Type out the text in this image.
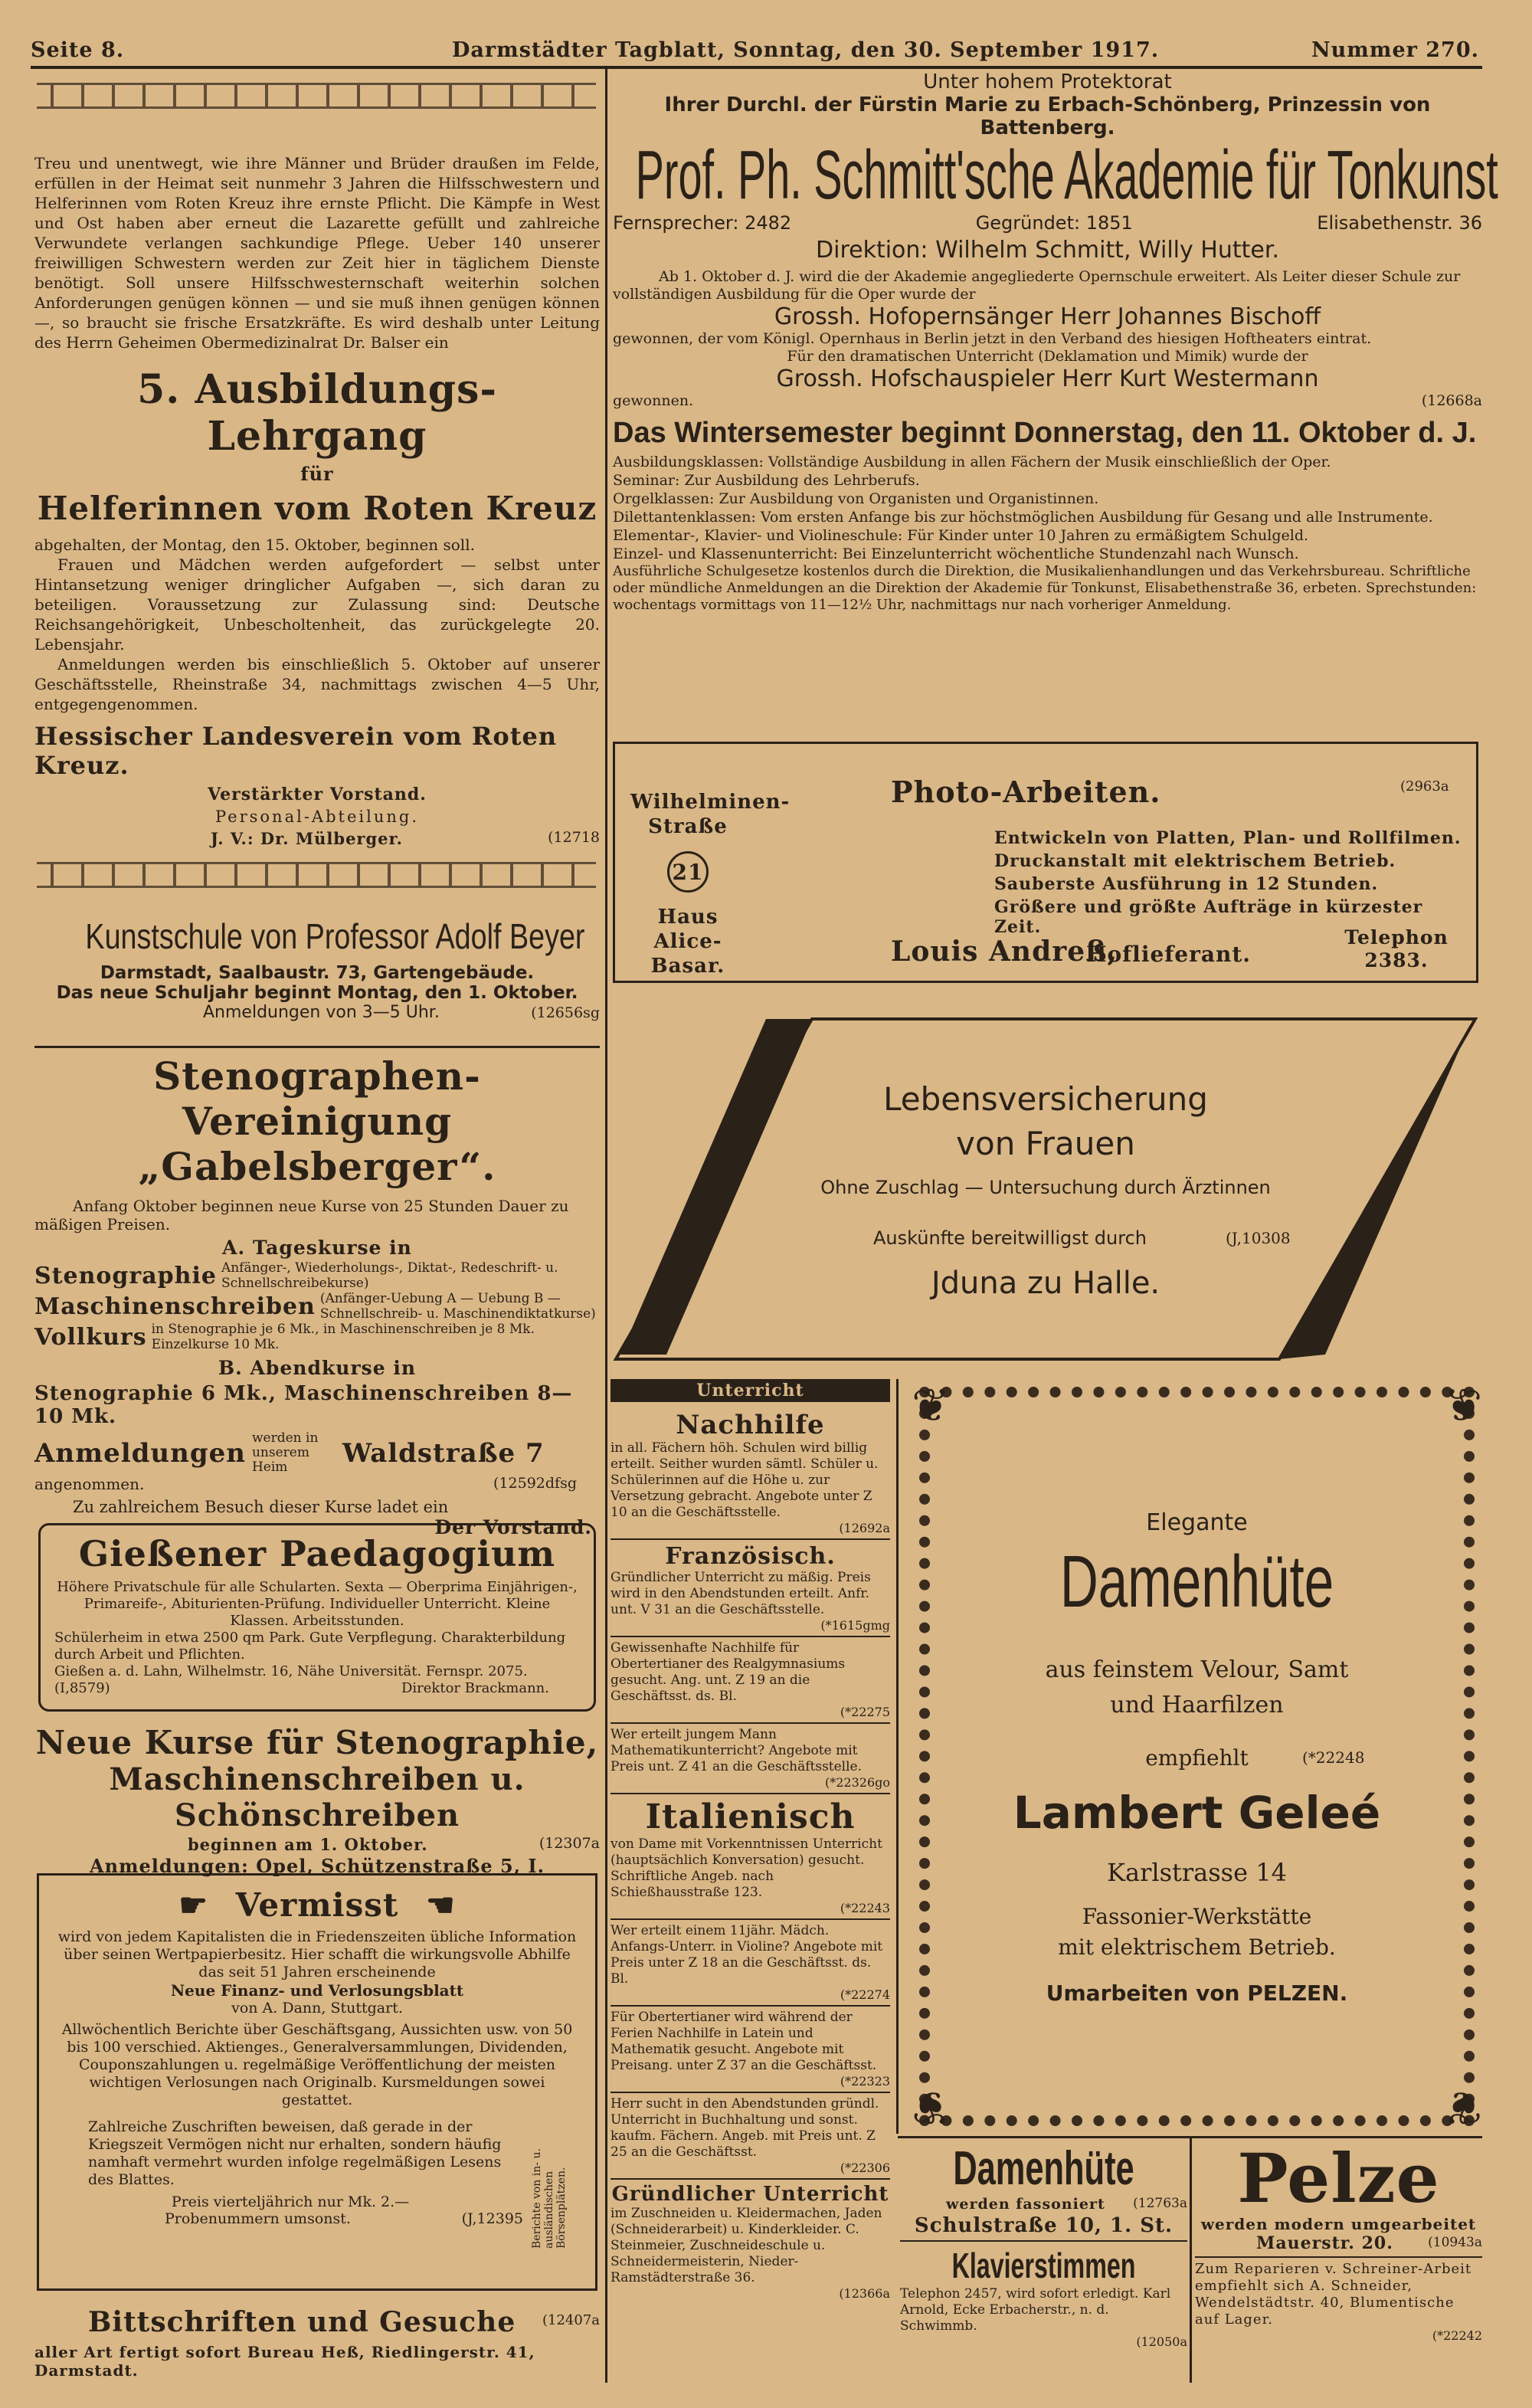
Seite 8.	Darmstädter Tagblatt, Sonntag, den 30. September 1917.	Nummer 270.

Treu und unentwegt, wie ihre Männer und Brüder draußen im Felde, erfüllen in der Heimat seit nunmehr 3 Jahren die Hilfsschwestern und Helferinnen vom Roten Kreuz ihre ernste Pflicht. Die Kämpfe in West und Ost haben aber erneut die Lazarette gefüllt und zahlreiche Verwundete verlangen sachkundige Pflege. Ueber 140 unserer freiwilligen Schwestern werden zur Zeit hier in täglichem Dienste benötigt. Soll unsere Hilfsschwesternschaft weiterhin solchen Anforderungen genügen können — und sie muß ihnen genügen können —, so braucht sie frische Ersatzkräfte. Es wird deshalb unter Leitung des Herrn Geheimen Obermedizinalrat Dr. Balser ein

5. Ausbildungs-Lehrgang
für
Helferinnen vom Roten Kreuz

abgehalten, der Montag, den 15. Oktober, beginnen soll.

Frauen und Mädchen werden aufgefordert — selbst unter Hintansetzung weniger dringlicher Aufgaben —, sich daran zu beteiligen. Voraussetzung zur Zulassung sind: Deutsche Reichsangehörigkeit, Unbescholtenheit, das zurückgelegte 20. Lebensjahr.

Anmeldungen werden bis einschließlich 5. Oktober auf unserer Geschäftsstelle, Rheinstraße 34, nachmittags zwischen 4—5 Uhr, entgegengenommen.

Hessischer Landesverein vom Roten Kreuz.
Verstärkter Vorstand.
Personal-Abteilung.
J. V.: Dr. Mülberger.	(12718
Kunstschule von Professor Adolf Beyer
Darmstadt, Saalbaustr. 73, Gartengebäude.
Das neue Schuljahr beginnt Montag, den 1. Oktober.
Anmeldungen von 3—5 Uhr.	(12656sg
Stenographen-Vereinigung
„Gabelsberger“.

Anfang Oktober beginnen neue Kurse von 25 Stunden Dauer zu mäßigen Preisen.

A. Tageskurse in
Stenographie Anfänger-, Wiederholungs-, Diktat-, Redeschrift- u. Schnellschreibekurse)
Maschinenschreiben (Anfänger-Uebung A — Uebung B — Schnellschreib- u. Maschinendiktatkurse)
Vollkurs in Stenographie je 6 Mk., in Maschinenschreiben je 8 Mk. Einzelkurse 10 Mk.
B. Abendkurse in
Stenographie 6 Mk., Maschinenschreiben 8—10 Mk.
Anmeldungen werden in unserem Heim	Waldstraße 7
angenommen.	(12592dfsg

Zu zahlreichem Besuch dieser Kurse ladet ein

Der Vorstand.
Gießener Paedagogium

Höhere Privatschule für alle Schularten. Sexta — Oberprima Einjährigen-, Primareife-, Abiturienten-Prüfung. Individueller Unterricht. Kleine Klassen. Arbeitsstunden.

Schülerheim in etwa 2500 qm Park. Gute Verpflegung. Charakterbildung durch Arbeit und Pflichten.

Gießen a. d. Lahn, Wilhelmstr. 16, Nähe Universität. Fernspr. 2075.

(I,8579)	Direktor Brackmann.
Neue Kurse für Stenographie,
Maschinenschreiben u. Schönschreiben
beginnen am 1. Oktober.	(12307a
Anmeldungen: Opel, Schützenstraße 5, I.
☛ Vermisst ☚

wird von jedem Kapitalisten die in Friedenszeiten übliche Information über seinen Wertpapierbesitz. Hier schafft die wirkungsvolle Abhilfe das seit 51 Jahren erscheinende

Neue Finanz- und Verlosungsblatt
von A. Dann, Stuttgart.

Allwöchentlich Berichte über Geschäftsgang, Aussichten usw. von 50 bis 100 verschied. Aktienges., Generalversammlungen, Dividenden, Couponszahlungen u. regelmäßige Veröffentlichung der meisten wichtigen Verlosungen nach Originalb. Kursmeldungen sowei gestattet.

Zahlreiche Zuschriften beweisen, daß gerade in der Kriegszeit Vermögen nicht nur erhalten, sondern häufig namhaft vermehrt wurden infolge regelmäßigen Lesens des Blattes.

Preis vierteljährich nur Mk. 2.—
Probenummern umsonst.	(J,12395 Berichte von in- u. ausländischen Börsenplätzen.
Bittschriften und Gesuche (12407a
aller Art fertigt sofort Bureau Heß, Riedlingerstr. 41, Darmstadt.
Unter hohem Protektorat
Ihrer Durchl. der Fürstin Marie zu Erbach-Schönberg, Prinzessin von Battenberg.
Prof. Ph. Schmitt'sche Akademie für Tonkunst
Fernsprecher: 2482	Gegründet: 1851	Elisabethenstr. 36
Direktion: Wilhelm Schmitt, Willy Hutter.

Ab 1. Oktober d. J. wird die der Akademie angegliederte Opernschule erweitert. Als Leiter dieser Schule zur vollständigen Ausbildung für die Oper wurde der

Grossh. Hofopernsänger Herr Johannes Bischoff

gewonnen, der vom Königl. Opernhaus in Berlin jetzt in den Verband des hiesigen Hoftheaters eintrat.

Für den dramatischen Unterricht (Deklamation und Mimik) wurde der

Grossh. Hofschauspieler Herr Kurt Westermann
gewonnen.	(12668a
Das Wintersemester beginnt Donnerstag, den 11. Oktober d. J.

Ausbildungsklassen: Vollständige Ausbildung in allen Fächern der Musik einschließlich der Oper.

Seminar: Zur Ausbildung des Lehrberufs.

Orgelklassen: Zur Ausbildung von Organisten und Organistinnen.

Dilettantenklassen: Vom ersten Anfange bis zur höchstmöglichen Ausbildung für Gesang und alle Instrumente.

Elementar-, Klavier- und Violineschule: Für Kinder unter 10 Jahren zu ermäßigtem Schulgeld.

Einzel- und Klassenunterricht: Bei Einzelunterricht wöchentliche Stundenzahl nach Wunsch.

Ausführliche Schulgesetze kostenlos durch die Direktion, die Musikalienhandlungen und das Verkehrsbureau. Schriftliche oder mündliche Anmeldungen an die Direktion der Akademie für Tonkunst, Elisabethenstraße 36, erbeten. Sprechstunden: wochentags vormittags von 11—12½ Uhr, nachmittags nur nach vorheriger Anmeldung.

Wilhelminen-Straße
21
Haus Alice-Basar.
Photo-Arbeiten.	(2963a
Entwickeln von Platten, Plan- und Rollfilmen.
Druckanstalt mit elektrischem Betrieb.
Sauberste Ausführung in 12 Stunden.
Größere und größte Aufträge in kürzester Zeit.
Louis Andreß,
Hoflieferant.
Telephon 2383.
Lebensversicherung
von Frauen
Ohne Zuschlag — Untersuchung durch Ärztinnen
Auskünfte bereitwilligst durch	(J,10308
Jduna zu Halle.
Unterricht
Nachhilfe

in all. Fächern höh. Schulen wird billig erteilt. Seither wurden sämtl. Schüler u. Schülerinnen auf die Höhe u. zur Versetzung gebracht. Angebote unter Z 10 an die Geschäftsstelle.

(12692a
Französisch.

Gründlicher Unterricht zu mäßig. Preis wird in den Abendstunden erteilt. Anfr. unt. V 31 an die Geschäftsstelle.

(*1615gmg

Gewissenhafte Nachhilfe für Obertertianer des Realgymnasiums gesucht. Ang. unt. Z 19 an die Geschäftsst. ds. Bl.

(*22275

Wer erteilt jungem Mann Mathematikunterricht? Angebote mit Preis unt. Z 41 an die Geschäftsstelle.

(*22326go
Italienisch

von Dame mit Vorkenntnissen Unterricht (hauptsächlich Konversation) gesucht. Schriftliche Angeb. nach Schießhausstraße 123.

(*22243

Wer erteilt einem 11jähr. Mädch. Anfangs-Unterr. in Violine? Angebote mit Preis unter Z 18 an die Geschäftsst. ds. Bl.

(*22274

Für Obertertianer wird während der Ferien Nachhilfe in Latein und Mathematik gesucht. Angebote mit Preisang. unter Z 37 an die Geschäftsst.

(*22323

Herr sucht in den Abendstunden gründl. Unterricht in Buchhaltung und sonst. kaufm. Fächern. Angeb. mit Preis unt. Z 25 an die Geschäftsst.

(*22306
Gründlicher Unterricht

im Zuschneiden u. Kleidermachen, Jaden (Schneiderarbeit) u. Kinderkleider. C. Steinmeier, Zuschneideschule u. Schneidermeisterin, Nieder-Ramstädterstraße 36.

(12366a
❦	❦
❦	❦
Elegante
Damenhüte
aus feinstem Velour, Samt
und Haarfilzen
empfiehlt	(*22248
Lambert Geleé
Karlstrasse 14
Fassonier-Werkstätte
mit elektrischem Betrieb.
Umarbeiten von PELZEN.
Damenhüte
werden fassoniert (12763a
Schulstraße 10, 1. St.
Klavierstimmen

Telephon 2457, wird sofort erledigt. Karl Arnold, Ecke Erbacherstr., n. d. Schwimmb.

(12050a
Pelze
werden modern umgearbeitet
Mauerstr. 20.	(10943a

Zum Reparieren v. Schreiner-Arbeit empfiehlt sich A. Schneider, Wendelstädtstr. 40, Blumentische auf Lager.

(*22242
